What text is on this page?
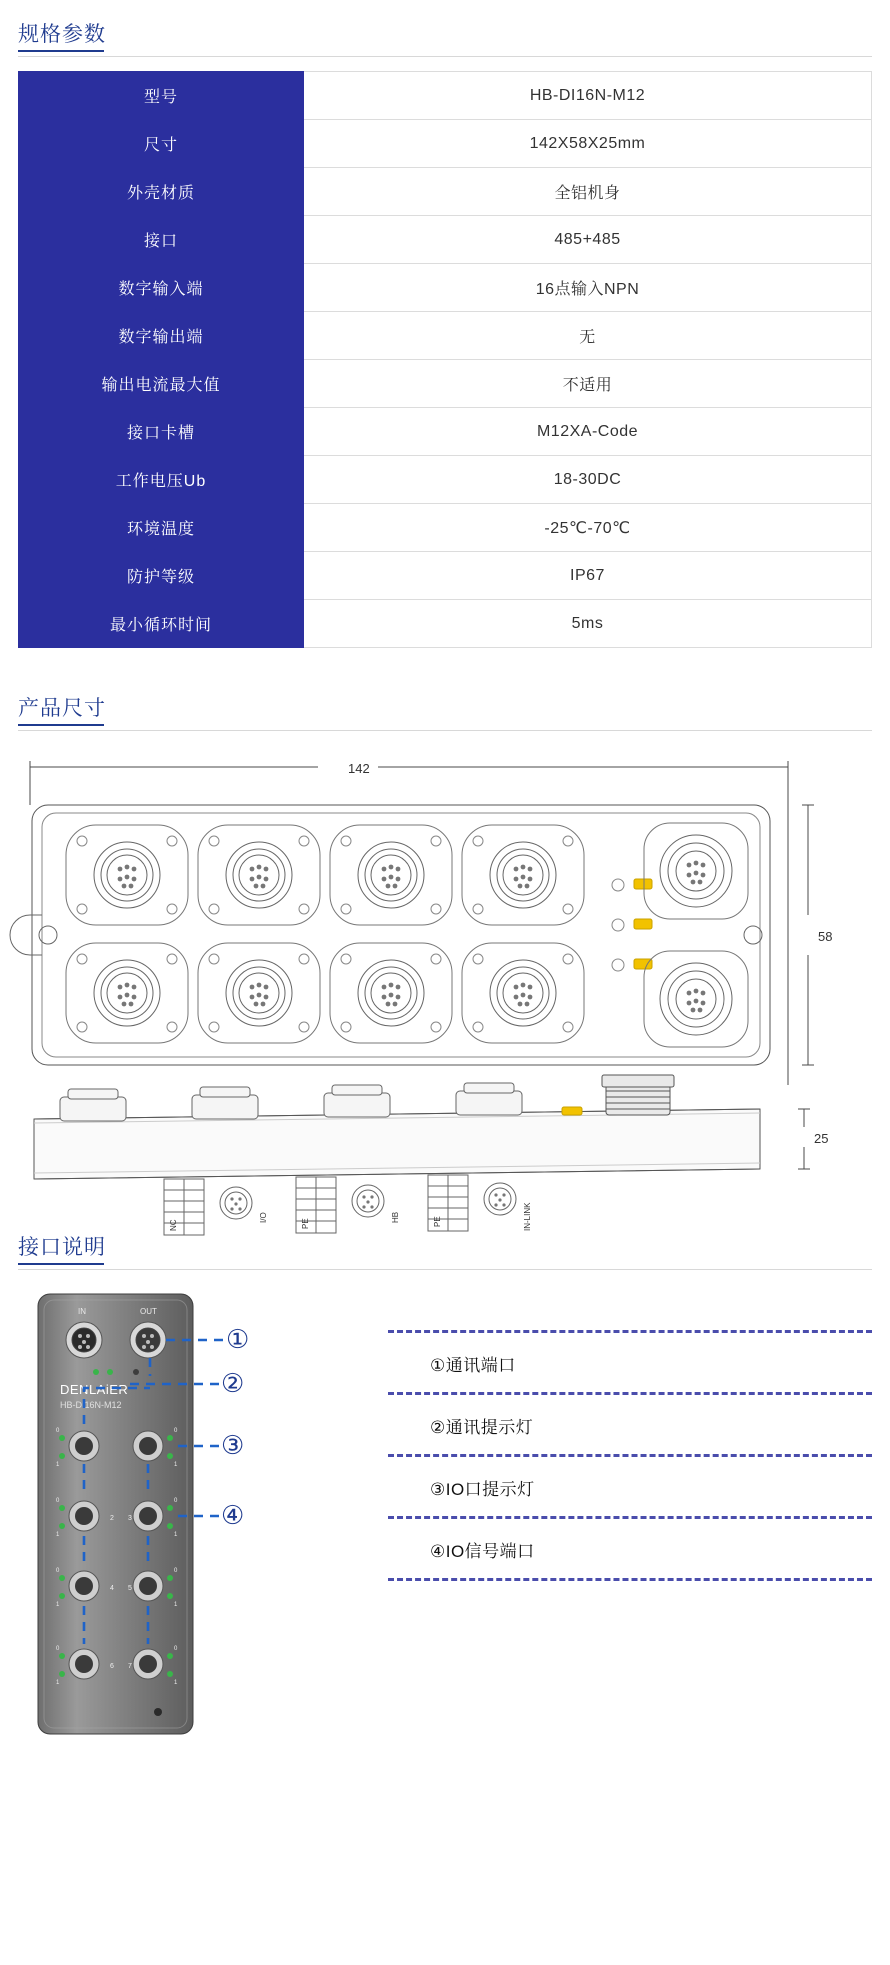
规格参数
型号	HB-DI16N-M12
尺寸	142X58X25mm
外壳材质	全铝机身
接口	485+485
数字输入端	16点输入NPN
数字输出端	无
输出电流最大值	不适用
接口卡槽	M12XA-Code
工作电压Ub	18-30DC
环境温度	-25℃-70℃
防护等级	IP67
最小循环时间	5ms
产品尺寸
142
58
NC
I/O
PE
HB	PE	IN-LINK
25
接口说明
IN	OUT
DENLAiER
HB-DI16N-M12
0
1
0
1
0
1
0
1
2 3
0
1
0
1
4 5
0
1
0
1
6 7
①
②
③
④
①通讯端口
②通讯提示灯
③IO口提示灯
④IO信号端口
